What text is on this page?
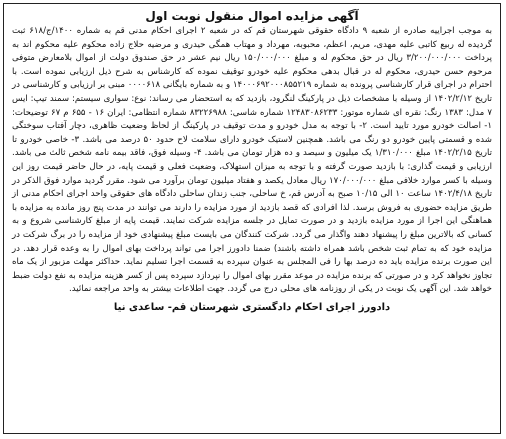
آگهی مزایده اموال منقول نوبت اول

به موجب اجراییه صادره از شعبه ۹ دادگاه حقوقی شهرستان قم که در شعبه ۲ اجرای احکام مدنی قم به شماره ۱۴۰۰/ج/۶۱۸ ثبت گردیده له ربیع کاتبی علیه مهدی، مریم، اعظم، محبوبه، مهرداد و مهتاب همگی حیدری و مرضیه حلاج زاده محکوم علیه محکوم اند به پرداخت ۳/۲۰۰/۰۰۰/۰۰۰ ریال در حق محکوم له و مبلغ ۱۵۰/۰۰۰/۰۰۰ ریال نیم عشر در حق صندوق دولت از اموال بلامعارض متوفی مرحوم حسن حیدری، محکوم له در قبال بدهی محکوم علیه خودرو توقیف نموده که کارشناس به شرح ذیل ارزیابی نموده است. با احترام در اجرای قرار کارشناسی پرونده به شماره ۱۴۰۰۰۶۹۲۰۰۰۸۵۵۲۱۹ و به شماره بایگانی ۰۰۰۰۶۱۸ مبنی بر ارزیابی و کارشناسی در تاریخ ۱۴۰۲/۲/۱۲ از وسیله با مشخصات ذیل در پارکینگ لنگرود، بازدید که به استحضار می رساند: نوع: سواری سیستم: سمند تیپ: ایس ۷ مدل: ۱۳۸۳ رنگ: نقره ای شماره موتور: ۱۲۴۸۳۰۸۶۲۳۳ شماره شاسی: ۸۳۲۲۶۹۸۸ شماره انتظامی: ایران ۱۶ - ۶۵۵ م ۶۷ توضیحات: ۱- اصالت خودرو مورد تایید است. ۲- با توجه به مدل خودرو و مدت توقیف در پارکینگ از لحاظ وضعیت ظاهری، دچار آفتاب سوختگی شده و قسمتی پایین خودرو دو رنگ می باشد. همچنین لاستیک خودرو دارای سلامت لاح حدود ۵۰ درصد می باشد. ۳- خاصی خودرو تا تاریخ ۱۴۰۲/۲/۱۵ مبلغ ۱/۳۱۰/۰۰۰ یک میلیون و سیصد و ده هزار تومان می باشد. ۴- وسیله فوق، فاقد بیمه نامه شخص ثالث می باشد. ارزیابی و قیمت گذاری: با بازدید صورت گرفته و با توجه به میزان استهلاک، وضعیت فعلی و قیمت پایه، در حال حاضر قیمت روز این وسیله با کسر موارد خلافی مبلغ ۱۷۰/۰۰۰/۰۰۰ ریال معادل یکصد و هفتاد میلیون تومان برآورد می شود. مقرر گردید موارد فوق الذکر در تاریخ ۱۴۰۲/۴/۱۸ ساعت ۱۰ الی ۱۰/۱۵ صبح به آدرس قم، خ ساحلی، جنب زندان ساحلی دادگاه های حقوقی واحد اجرای احکام مدنی از طریق مزایده حضوری به فروش برسد. لذا افرادی که قصد بازدید از مورد مزایده را دارند می توانند در مدت پنج روز مانده به مزایده با هماهنگی این اجرا از مورد مزایده بازدید و در صورت تمایل در جلسه مزایده شرکت نمایند. قیمت پایه از مبلغ کارشناسی شروع و به کسانی که بالاترین مبلغ را پیشنهاد دهند واگذار می گردد. شرکت کنندگان می بایست مبلغ پیشنهادی خود از مزایده را در برگ شرکت در مزایده خود که به تمام ثبت شخص باشد همراه داشته باشند) ضمنا دادورز اجرا می تواند پرداخت بهای اموال را به وعده قرار دهد. در این صورت برنده مزایده باید ده درصد بها را فی المجلس به عنوان سپرده به قسمت اجرا تسلیم نماید. حداکثر مهلت مزبور از یک ماه تجاوز نخواهد کرد و در صورتی که برنده مزایده در موعد مقرر بهای اموال را نپردازد سپرده پس از کسر هزینه مزایده به نفع دولت ضبط خواهد شد. این آگهی یک نوبت در یکی از روزنامه های محلی درج می گردد. جهت اطلاعات بیشتر به واحد مراجعه نمائید.

دادورز اجرای احکام دادگستری شهرستان قم- ساعدی نیا
